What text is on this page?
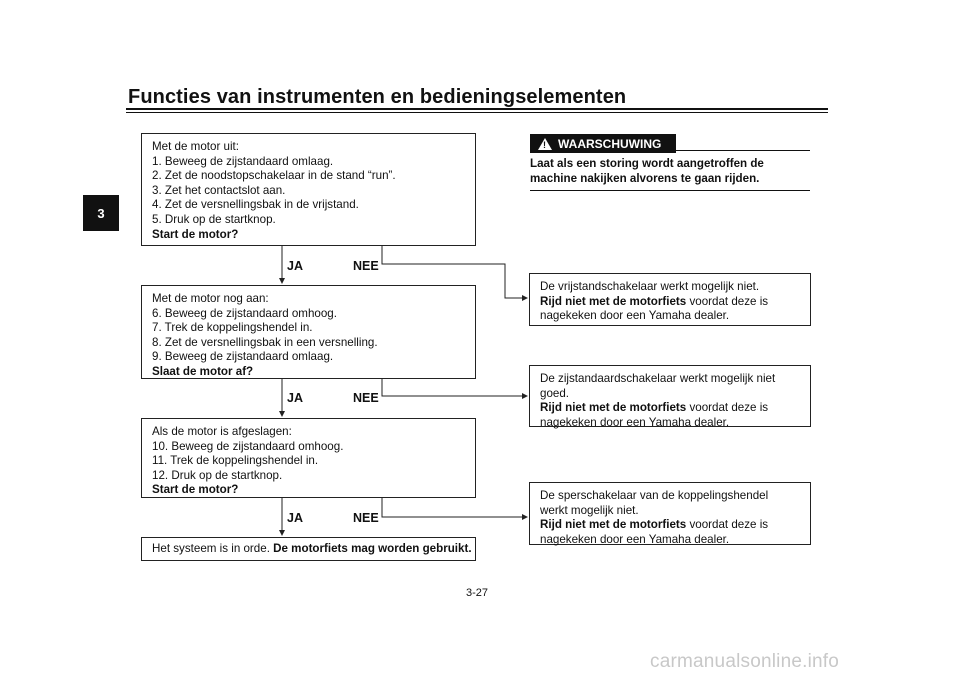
Functies van instrumenten en bedieningselementen
3
Met de motor uit:
1. Beweeg de zijstandaard omlaag.
2. Zet de noodstopschakelaar in de stand “run”.
3. Zet het contactslot aan.
4. Zet de versnellingsbak in de vrijstand.
5. Druk op de startknop.
Start de motor?
JA	NEE
Met de motor nog aan:
6. Beweeg de zijstandaard omhoog.
7. Trek de koppelingshendel in.
8. Zet de versnellingsbak in een versnelling.
9. Beweeg de zijstandaard omlaag.
Slaat de motor af?
JA	NEE
Als de motor is afgeslagen:
10. Beweeg de zijstandaard omhoog.
11. Trek de koppelingshendel in.
12. Druk op de startknop.
Start de motor?
JA	NEE
Het systeem is in orde. De motorfiets mag worden gebruikt.
! WAARSCHUWING
Laat als een storing wordt aangetroffen de
machine nakijken alvorens te gaan rijden.
De vrijstandschakelaar werkt mogelijk niet.
Rijd niet met de motorfiets voordat deze is
nagekeken door een Yamaha dealer.
De zijstandaardschakelaar werkt mogelijk niet
goed.
Rijd niet met de motorfiets voordat deze is
nagekeken door een Yamaha dealer.
De sperschakelaar van de koppelingshendel
werkt mogelijk niet.
Rijd niet met de motorfiets voordat deze is
nagekeken door een Yamaha dealer.
3-27
carmanualsonline.info
